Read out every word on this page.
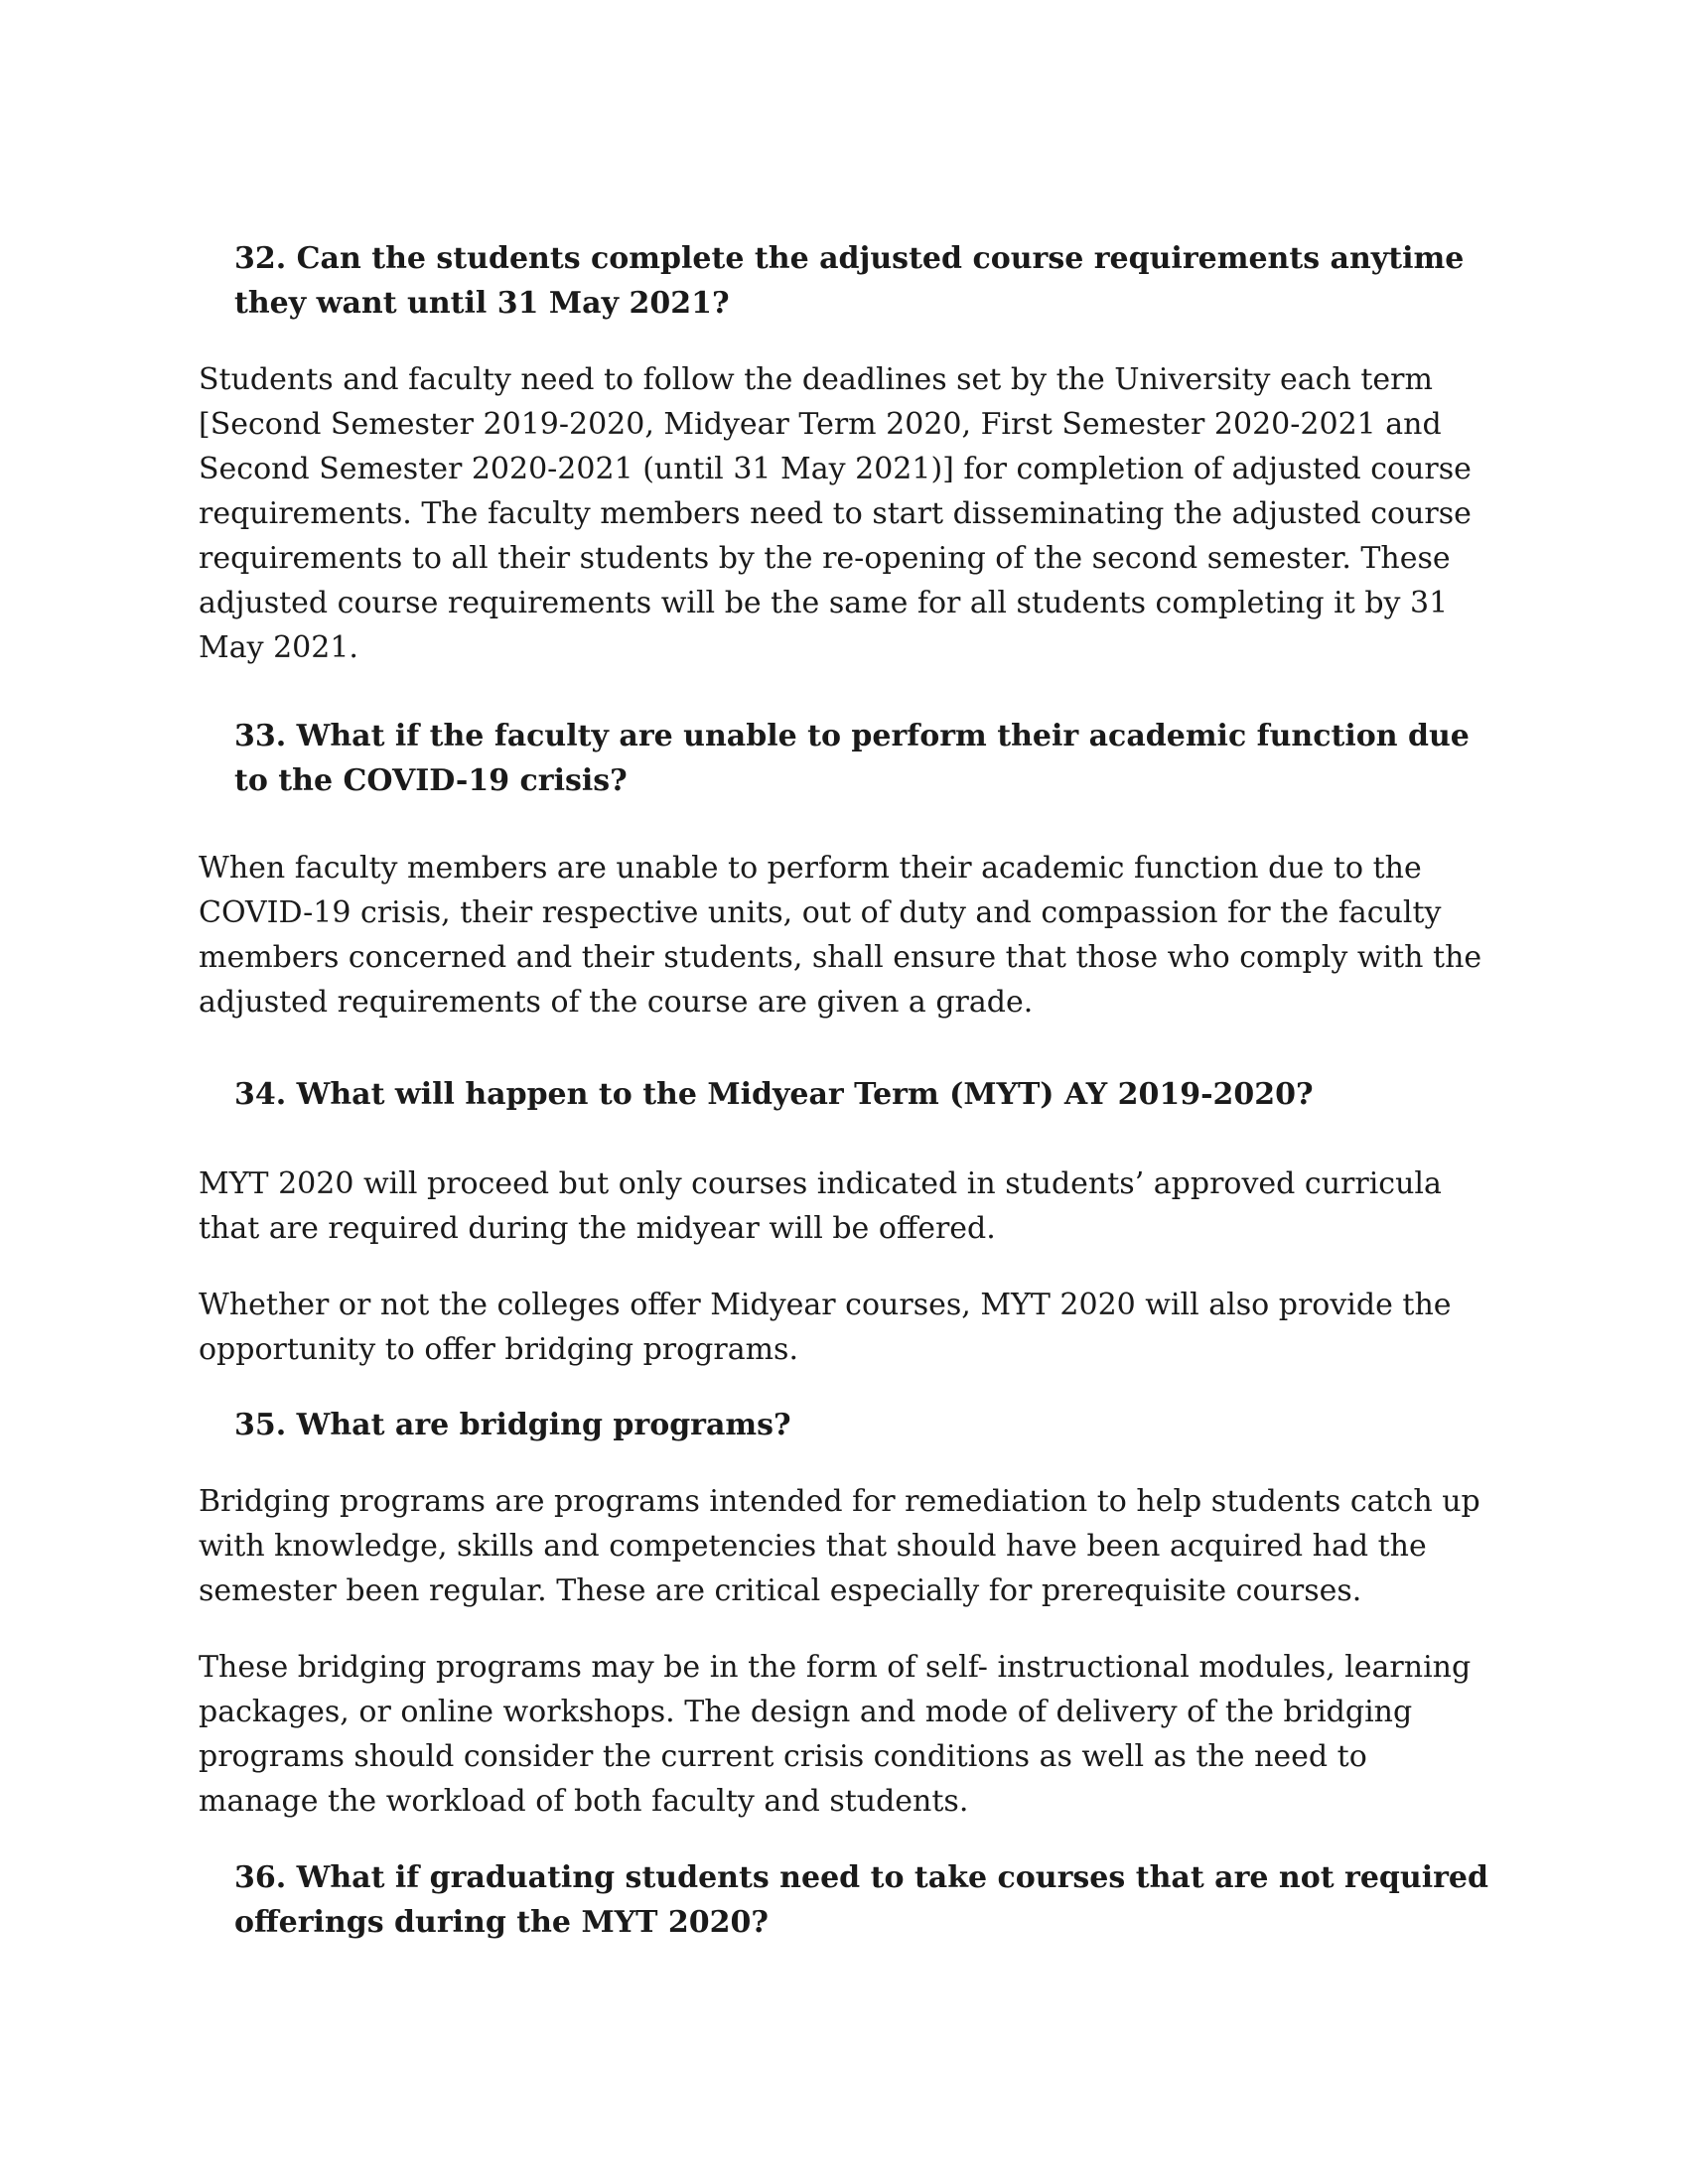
32. Can the students complete the adjusted course requirements anytime they want until 31 May 2021?

Students and faculty need to follow the deadlines set by the University each term [Second Semester 2019-2020, Midyear Term 2020, First Semester 2020-2021 and Second Semester 2020-2021 (until 31 May 2021)] for completion of adjusted course requirements. The faculty members need to start disseminating the adjusted course requirements to all their students by the re-opening of the second semester. These adjusted course requirements will be the same for all students completing it by 31 May 2021.

33. What if the faculty are unable to perform their academic function due to the COVID-19 crisis?

When faculty members are unable to perform their academic function due to the COVID-19 crisis, their respective units, out of duty and compassion for the faculty members concerned and their students, shall ensure that those who comply with the adjusted requirements of the course are given a grade.

34. What will happen to the Midyear Term (MYT) AY 2019-2020?

MYT 2020 will proceed but only courses indicated in students’ approved curricula that are required during the midyear will be offered.

Whether or not the colleges offer Midyear courses, MYT 2020 will also provide the opportunity to offer bridging programs.

35. What are bridging programs?

Bridging programs are programs intended for remediation to help students catch up with knowledge, skills and competencies that should have been acquired had the semester been regular. These are critical especially for prerequisite courses.

These bridging programs may be in the form of self- instructional modules, learning packages, or online workshops. The design and mode of delivery of the bridging programs should consider the current crisis conditions as well as the need to manage the workload of both faculty and students.

36. What if graduating students need to take courses that are not required offerings during the MYT 2020?
